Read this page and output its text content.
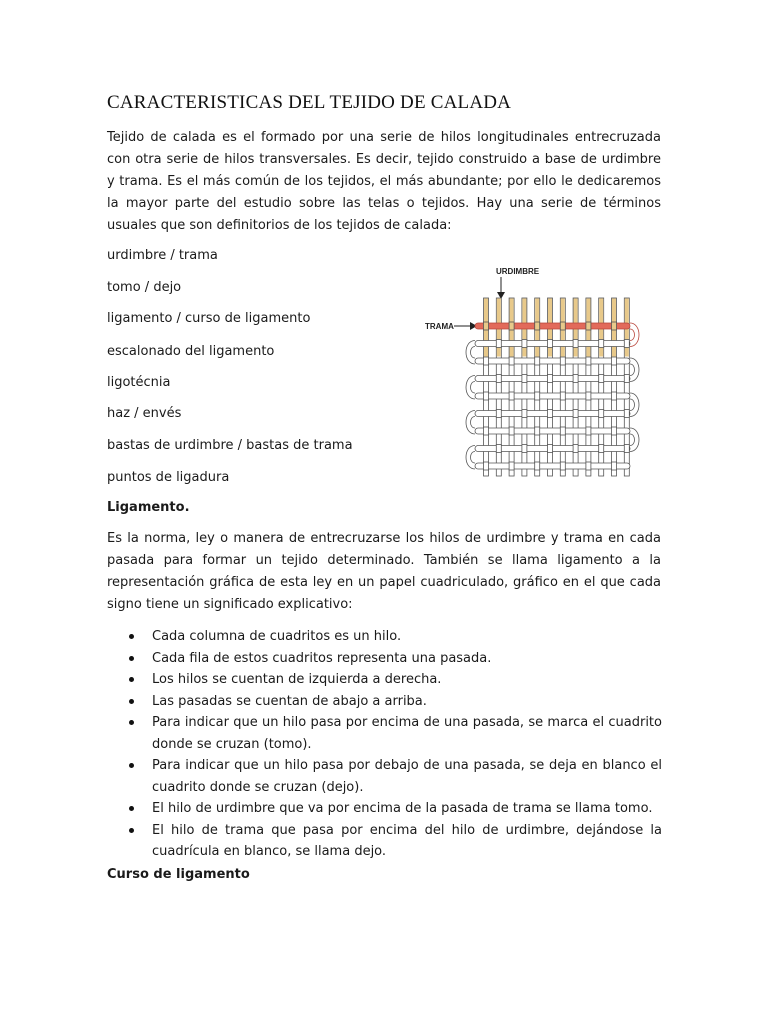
CARACTERISTICAS DEL TEJIDO DE CALADA

Tejido de calada es el formado por una serie de hilos longitudinales entrecruzada con otra serie de hilos transversales. Es decir, tejido construido a base de urdimbre y trama. Es el más común de los tejidos, el más abundante; por ello le dedicaremos la mayor parte del estudio sobre las telas o tejidos. Hay una serie de términos usuales que son definitorios de los tejidos de calada:

urdimbre / trama

tomo / dejo

ligamento / curso de ligamento

escalonado del ligamento

ligotécnia

haz / envés

bastas de urdimbre / bastas de trama

puntos de ligadura

URDIMBRE
TRAMA

Ligamento.

Es la norma, ley o manera de entrecruzarse los hilos de urdimbre y trama en cada pasada para formar un tejido determinado. También se llama ligamento a la representación gráfica de esta ley en un papel cuadriculado, gráfico en el que cada signo tiene un significado explicativo:

Cada columna de cuadritos es un hilo.
Cada fila de estos cuadritos representa una pasada.
Los hilos se cuentan de izquierda a derecha.
Las pasadas se cuentan de abajo a arriba.
Para indicar que un hilo pasa por encima de una pasada, se marca el cuadrito donde se cruzan (tomo).
Para indicar que un hilo pasa por debajo de una pasada, se deja en blanco el cuadrito donde se cruzan (dejo).
El hilo de urdimbre que va por encima de la pasada de trama se llama tomo.
El hilo de trama que pasa por encima del hilo de urdimbre, dejándose la cuadrícula en blanco, se llama dejo.

Curso de ligamento
